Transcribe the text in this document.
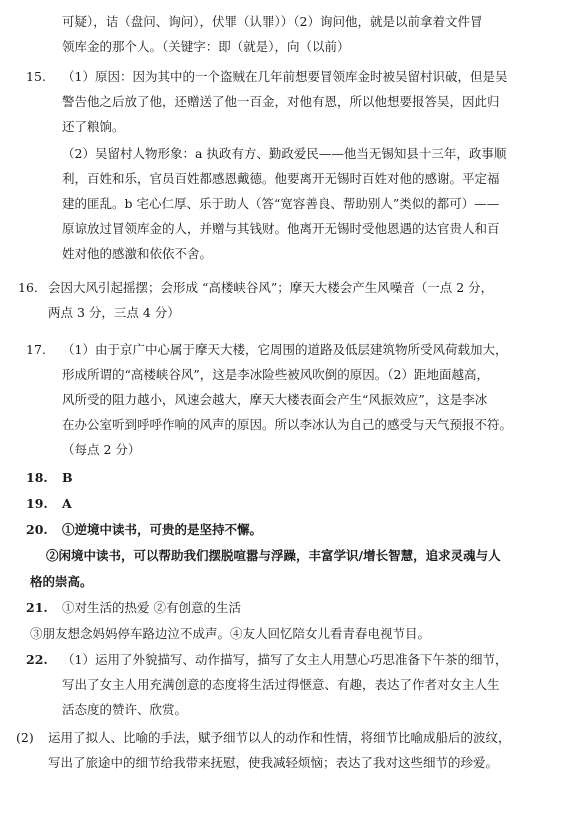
可疑），诘（盘问、询问），伏罪（认罪））（2）询问他，就是以前拿着文件冒
领库金的那个人。（关键字：即（就是），向（以前）
15. （1）原因：因为其中的一个盗贼在几年前想要冒领库金时被吴留村识破，但是吴
警告他之后放了他，还赠送了他一百金，对他有恩，所以他想要报答吴，因此归
还了粮饷。
（2）吴留村人物形象：a 执政有方、勤政爱民——他当无锡知县十三年，政事顺
利，百姓和乐，官员百姓都感恩戴德。他要离开无锡时百姓对他的感谢。平定福
建的匪乱。b 宅心仁厚、乐于助人（答“宽容善良、帮助别人”类似的都可）——
原谅放过冒领库金的人，并赠与其钱财。他离开无锡时受他恩遇的达官贵人和百
姓对他的感激和依依不舍。
16. 会因大风引起摇摆；会形成 “高楼峡谷风”；摩天大楼会产生风噪音（一点 2 分，
两点 3 分，三点 4 分）
17. （1）由于京广中心属于摩天大楼，它周围的道路及低层建筑物所受风荷载加大，
形成所谓的“高楼峡谷风”，这是李冰险些被风吹倒的原因。（2）距地面越高，
风所受的阻力越小，风速会越大，摩天大楼表面会产生“风振效应”，这是李冰
在办公室听到呼呼作响的风声的原因。所以李冰认为自己的感受与天气预报不符。
（每点 2 分）
18. B
19. A
20. ①逆境中读书，可贵的是坚持不懈。
②闲境中读书，可以帮助我们摆脱喧嚣与浮躁，丰富学识/增长智慧，追求灵魂与人
格的崇高。
21. ①对生活的热爱 ②有创意的生活
③朋友想念妈妈停车路边泣不成声。④友人回忆陪女儿看青春电视节目。
22. （1）运用了外貌描写、动作描写，描写了女主人用慧心巧思准备下午茶的细节，
写出了女主人用充满创意的态度将生活过得惬意、有趣，表达了作者对女主人生
活态度的赞许、欣赏。
(2) 运用了拟人、比喻的手法，赋予细节以人的动作和性情，将细节比喻成船后的波纹，
写出了旅途中的细节给我带来抚慰，使我减轻烦恼；表达了我对这些细节的珍爱。
